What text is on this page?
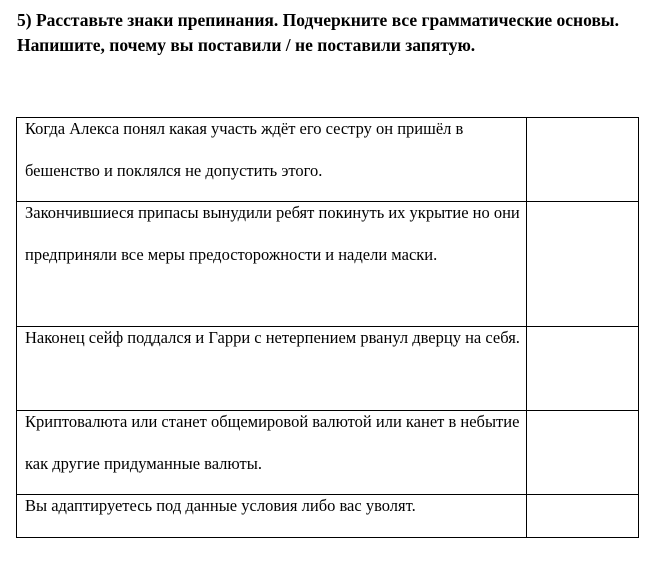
5) Расставьте знаки препинания. Подчеркните все грамматические основы. Напишите, почему вы поставили / не поставили запятую.

Когда Алекса понял какая участь ждёт его сестру он пришёл в бешенство и поклялся не допустить этого.	

Закончившиеся припасы вынудили ребят покинуть их укрытие но они предприняли все меры предосторожности и надели маски.	

Наконец сейф поддался и Гарри с нетерпением рванул дверцу на себя.	

Криптовалюта или станет общемировой валютой или канет в небытие как другие придуманные валюты.	

Вы адаптируетесь под данные условия либо вас уволят.	
